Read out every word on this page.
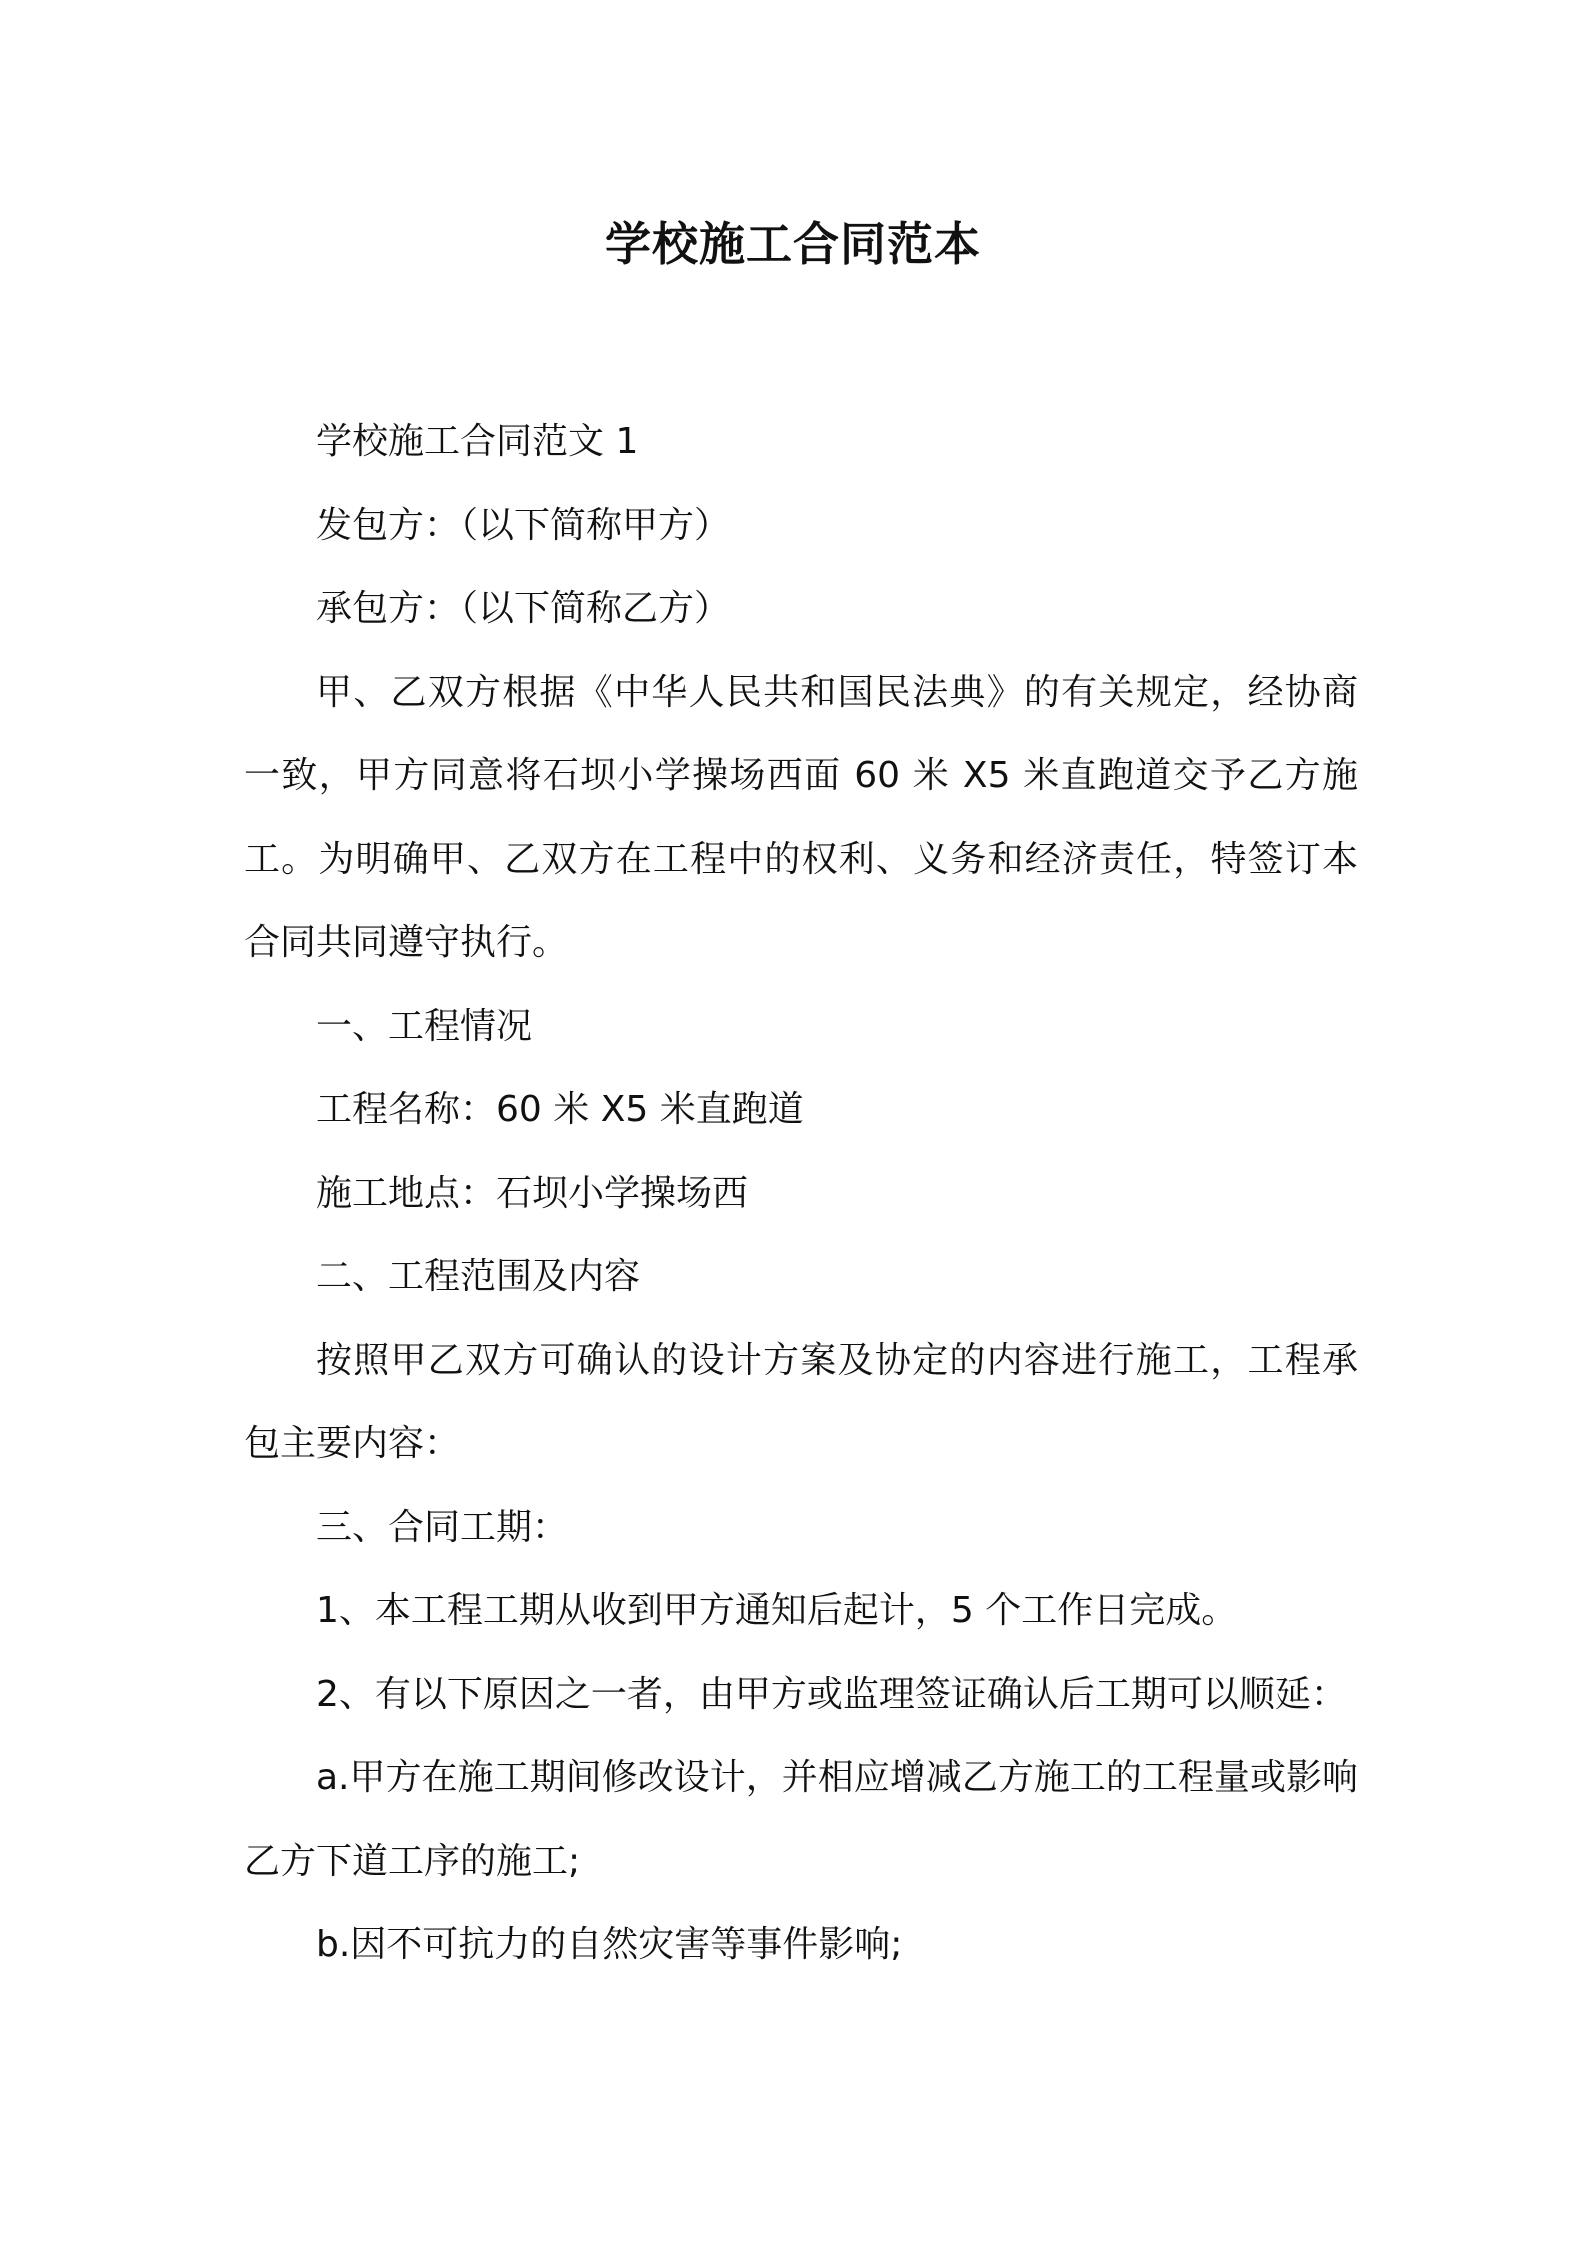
学校施工合同范本

学校施工合同范文 1

发包方：（以下简称甲方）

承包方：（以下简称乙方）

甲、乙双方根据《中华人民共和国民法典》的有关规定，经协商一致，甲方同意将石坝小学操场西面 60 米 X5 米直跑道交予乙方施工。为明确甲、乙双方在工程中的权利、义务和经济责任，特签订本合同共同遵守执行。

一、工程情况

工程名称：60 米 X5 米直跑道

施工地点：石坝小学操场西

二、工程范围及内容

按照甲乙双方可确认的设计方案及协定的内容进行施工，工程承包主要内容：

三、合同工期：

1、本工程工期从收到甲方通知后起计，5 个工作日完成。

2、有以下原因之一者，由甲方或监理签证确认后工期可以顺延：

a.甲方在施工期间修改设计，并相应增减乙方施工的工程量或影响乙方下道工序的施工;

b.因不可抗力的自然灾害等事件影响;
